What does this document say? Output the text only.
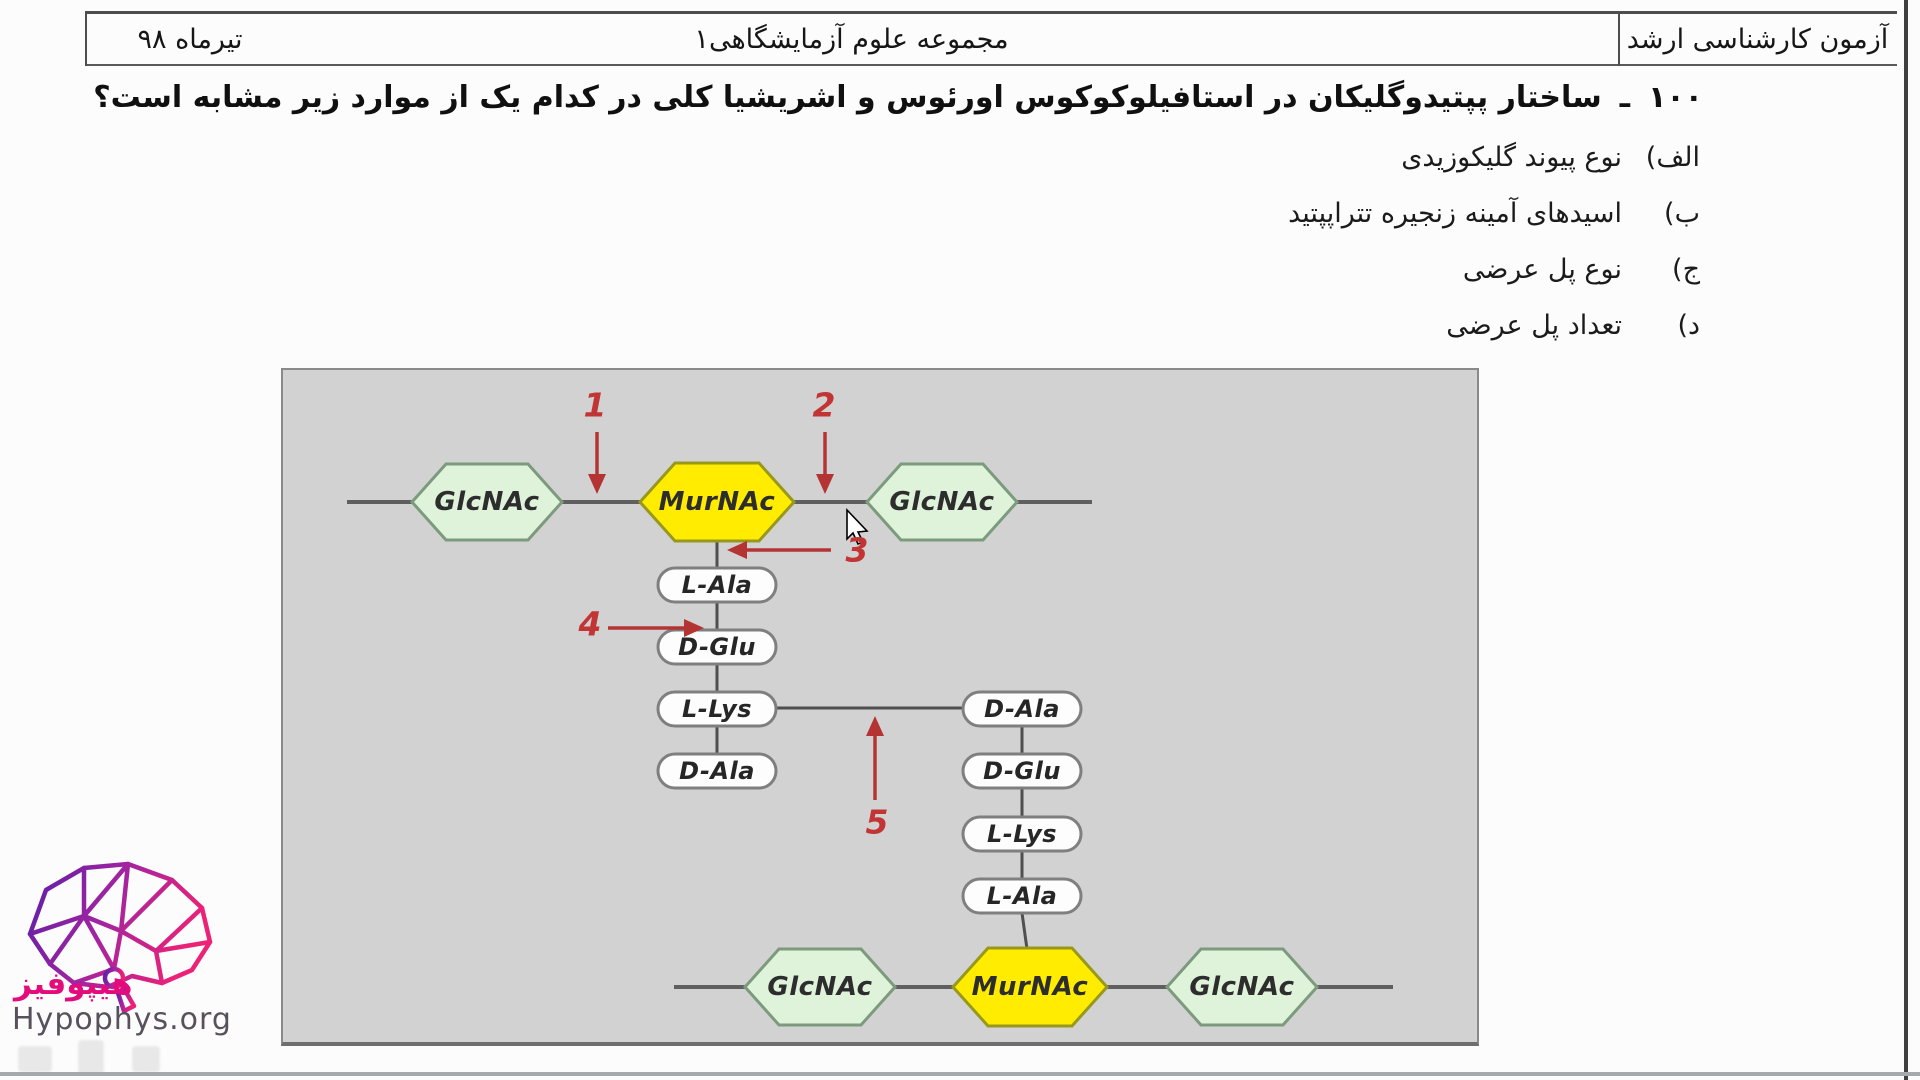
آزمون کارشناسی ارشد
مجموعه علوم آزمایشگاهی۱
تیرماه ۹۸
۱۰۰
ـ
ساختار پپتیدوگلیکان در استافیلوکوکوس اورئوس و اشریشیا کلی در کدام یک از موارد زیر مشابه است؟
الف)
نوع پیوند گلیکوزیدی
ب)
اسیدهای آمینه زنجیره تتراپپتید
ج)
نوع پل عرضی
د)
تعداد پل عرضی
GlcNAc	MurNAc	GlcNAc
GlcNAc	MurNAc	GlcNAc
L-Ala
D-Glu
L-Lys
D-Ala
D-Ala
D-Glu
L-Lys
L-Ala
1	2
3
4
5
هیپوفیز
Hypophys.org
